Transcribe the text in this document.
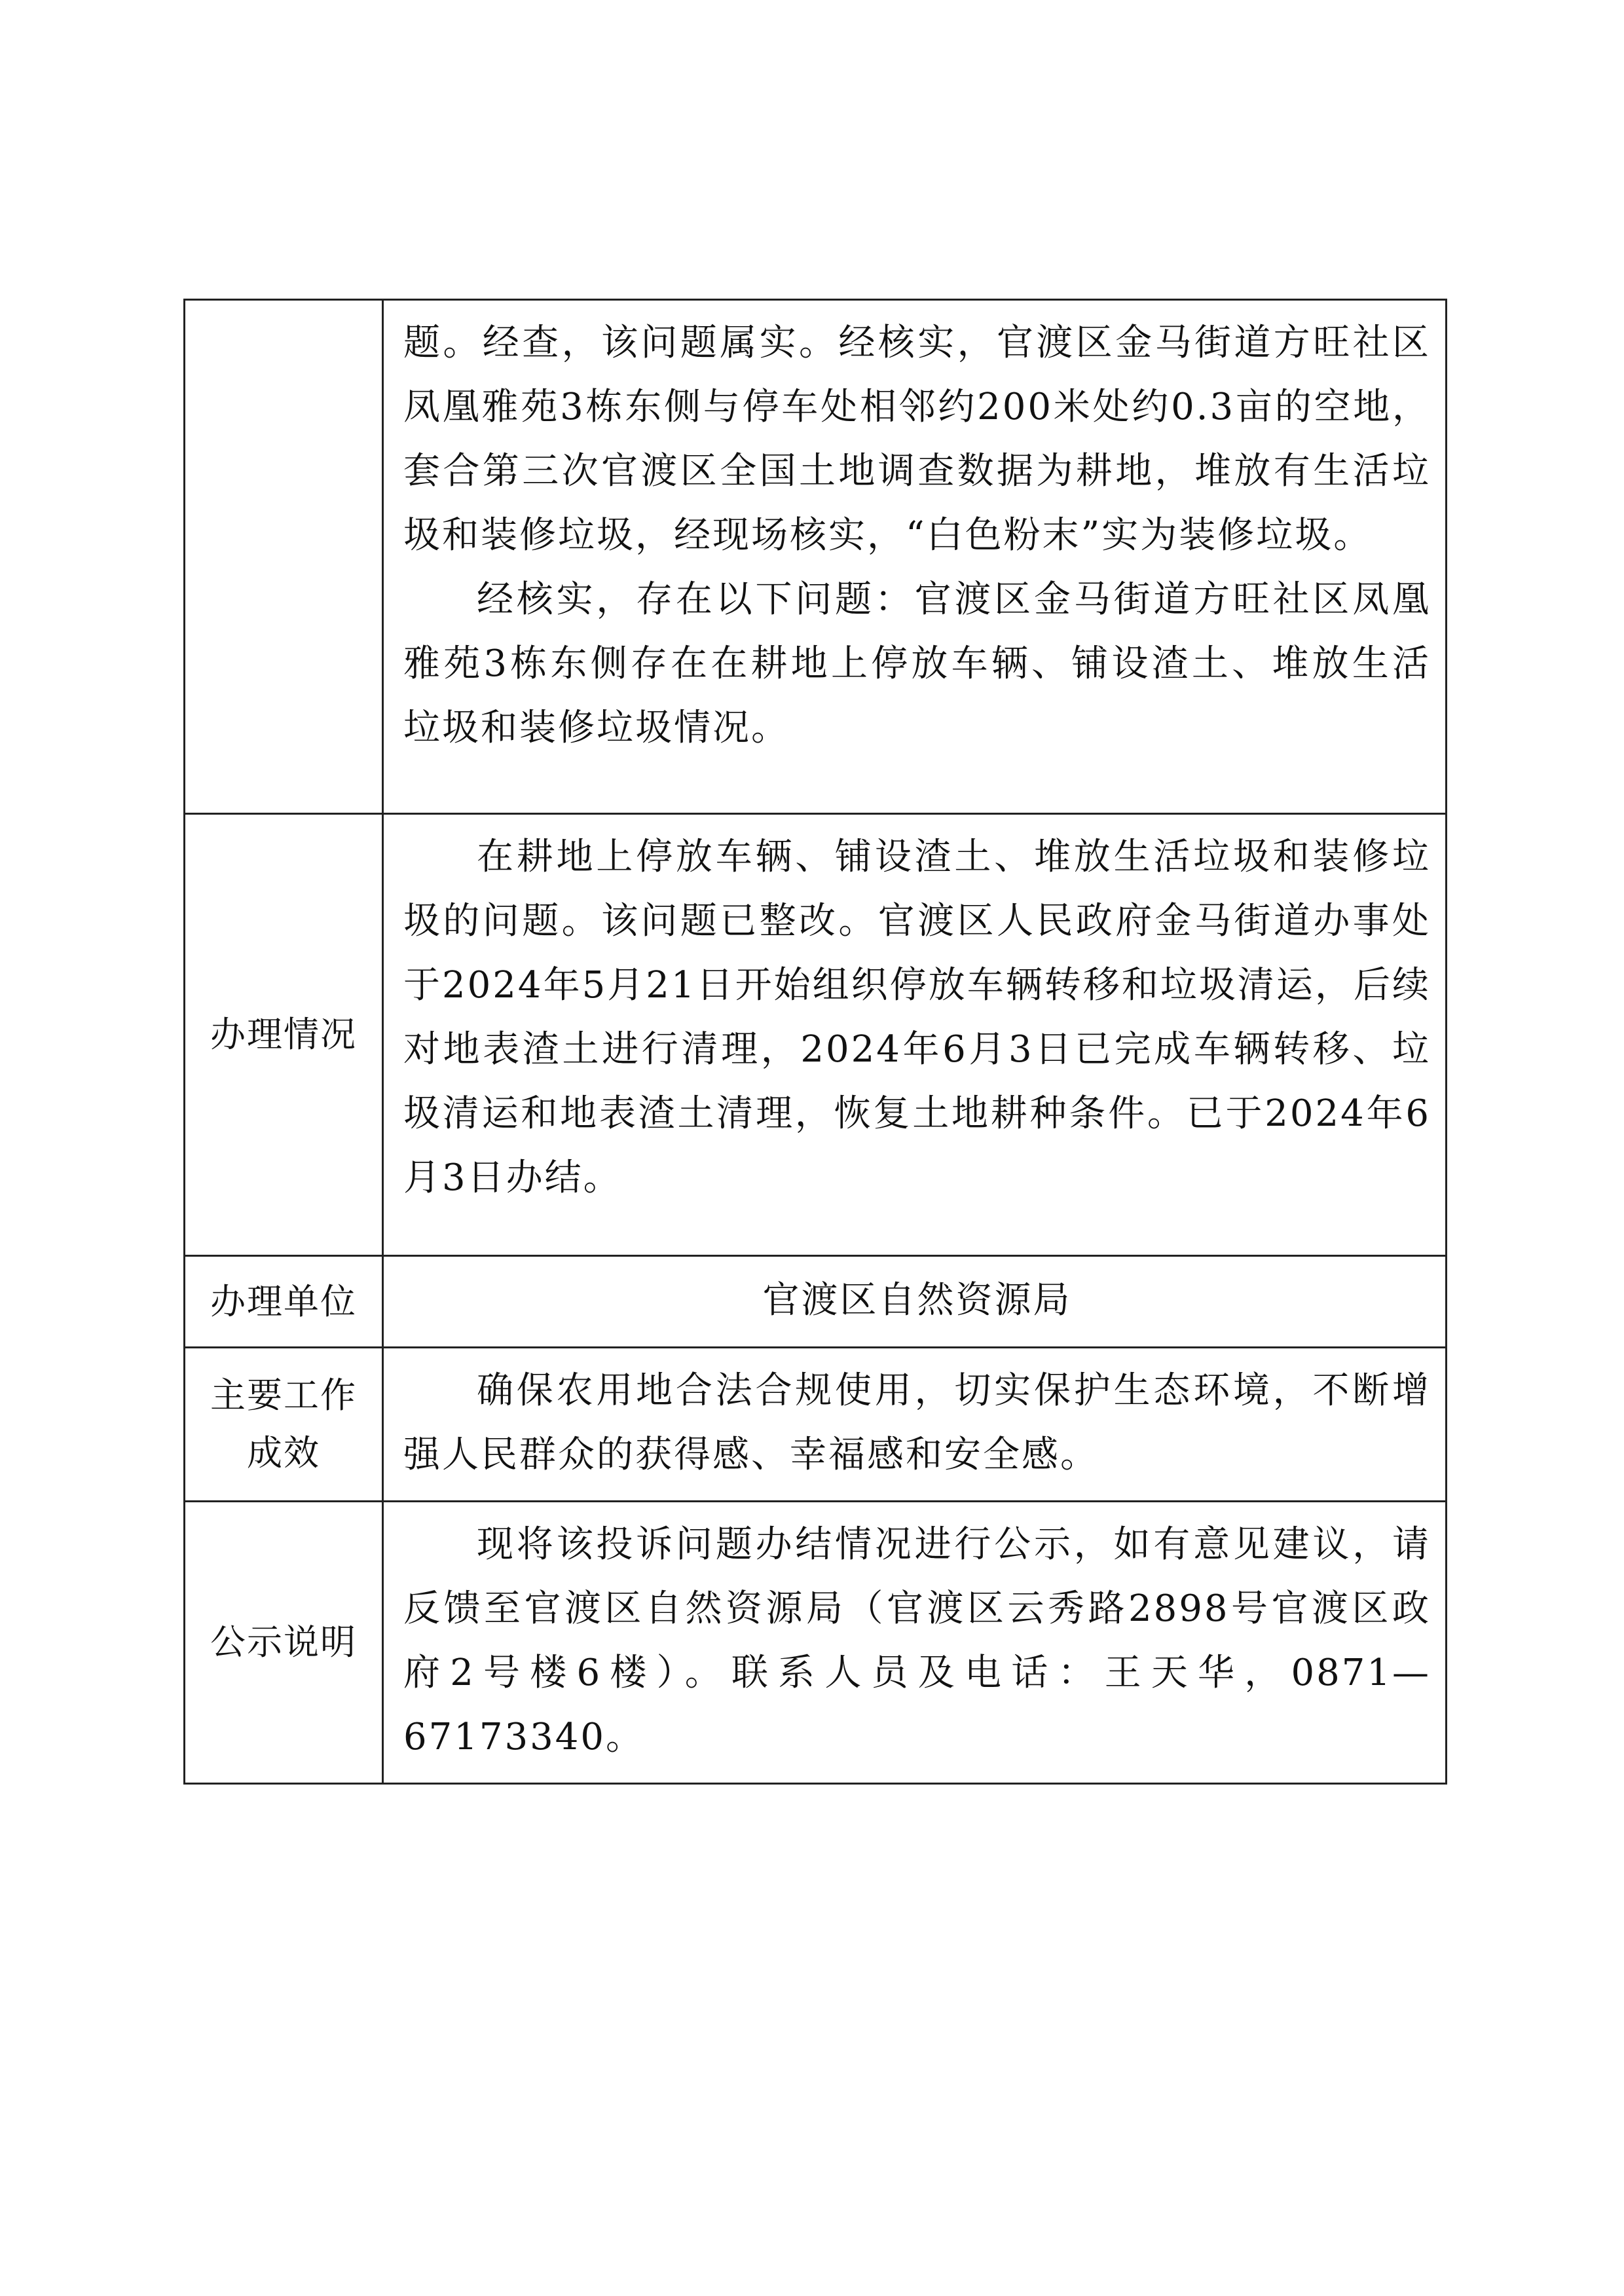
	题。经查，该问题属实。经核实，官渡区金马街道方旺社区凤凰雅苑3栋东侧与停车处相邻约200米处约0.3亩的空地，套合第三次官渡区全国土地调查数据为耕地，堆放有生活垃圾和装修垃圾，经现场核实，“白色粉末”实为装修垃圾。

经核实，存在以下问题：官渡区金马街道方旺社区凤凰雅苑3栋东侧存在在耕地上停放车辆、铺设渣土、堆放生活垃圾和装修垃圾情况。

办理情况	在耕地上停放车辆、铺设渣土、堆放生活垃圾和装修垃圾的问题。该问题已整改。官渡区人民政府金马街道办事处于2024年5月21日开始组织停放车辆转移和垃圾清运，后续对地表渣土进行清理，2024年6月3日已完成车辆转移、垃圾清运和地表渣土清理，恢复土地耕种条件。已于2024年6月3日办结。

办理单位	官渡区自然资源局

主要工作
成效	确保农用地合法合规使用，切实保护生态环境，不断增强人民群众的获得感、幸福感和安全感。

公示说明	现将该投诉问题办结情况进行公示，如有意见建议，请反馈至官渡区自然资源局（官渡区云秀路2898号官渡区政府2号楼6楼）。联系人员及电话：王天华，0871—67173340。
